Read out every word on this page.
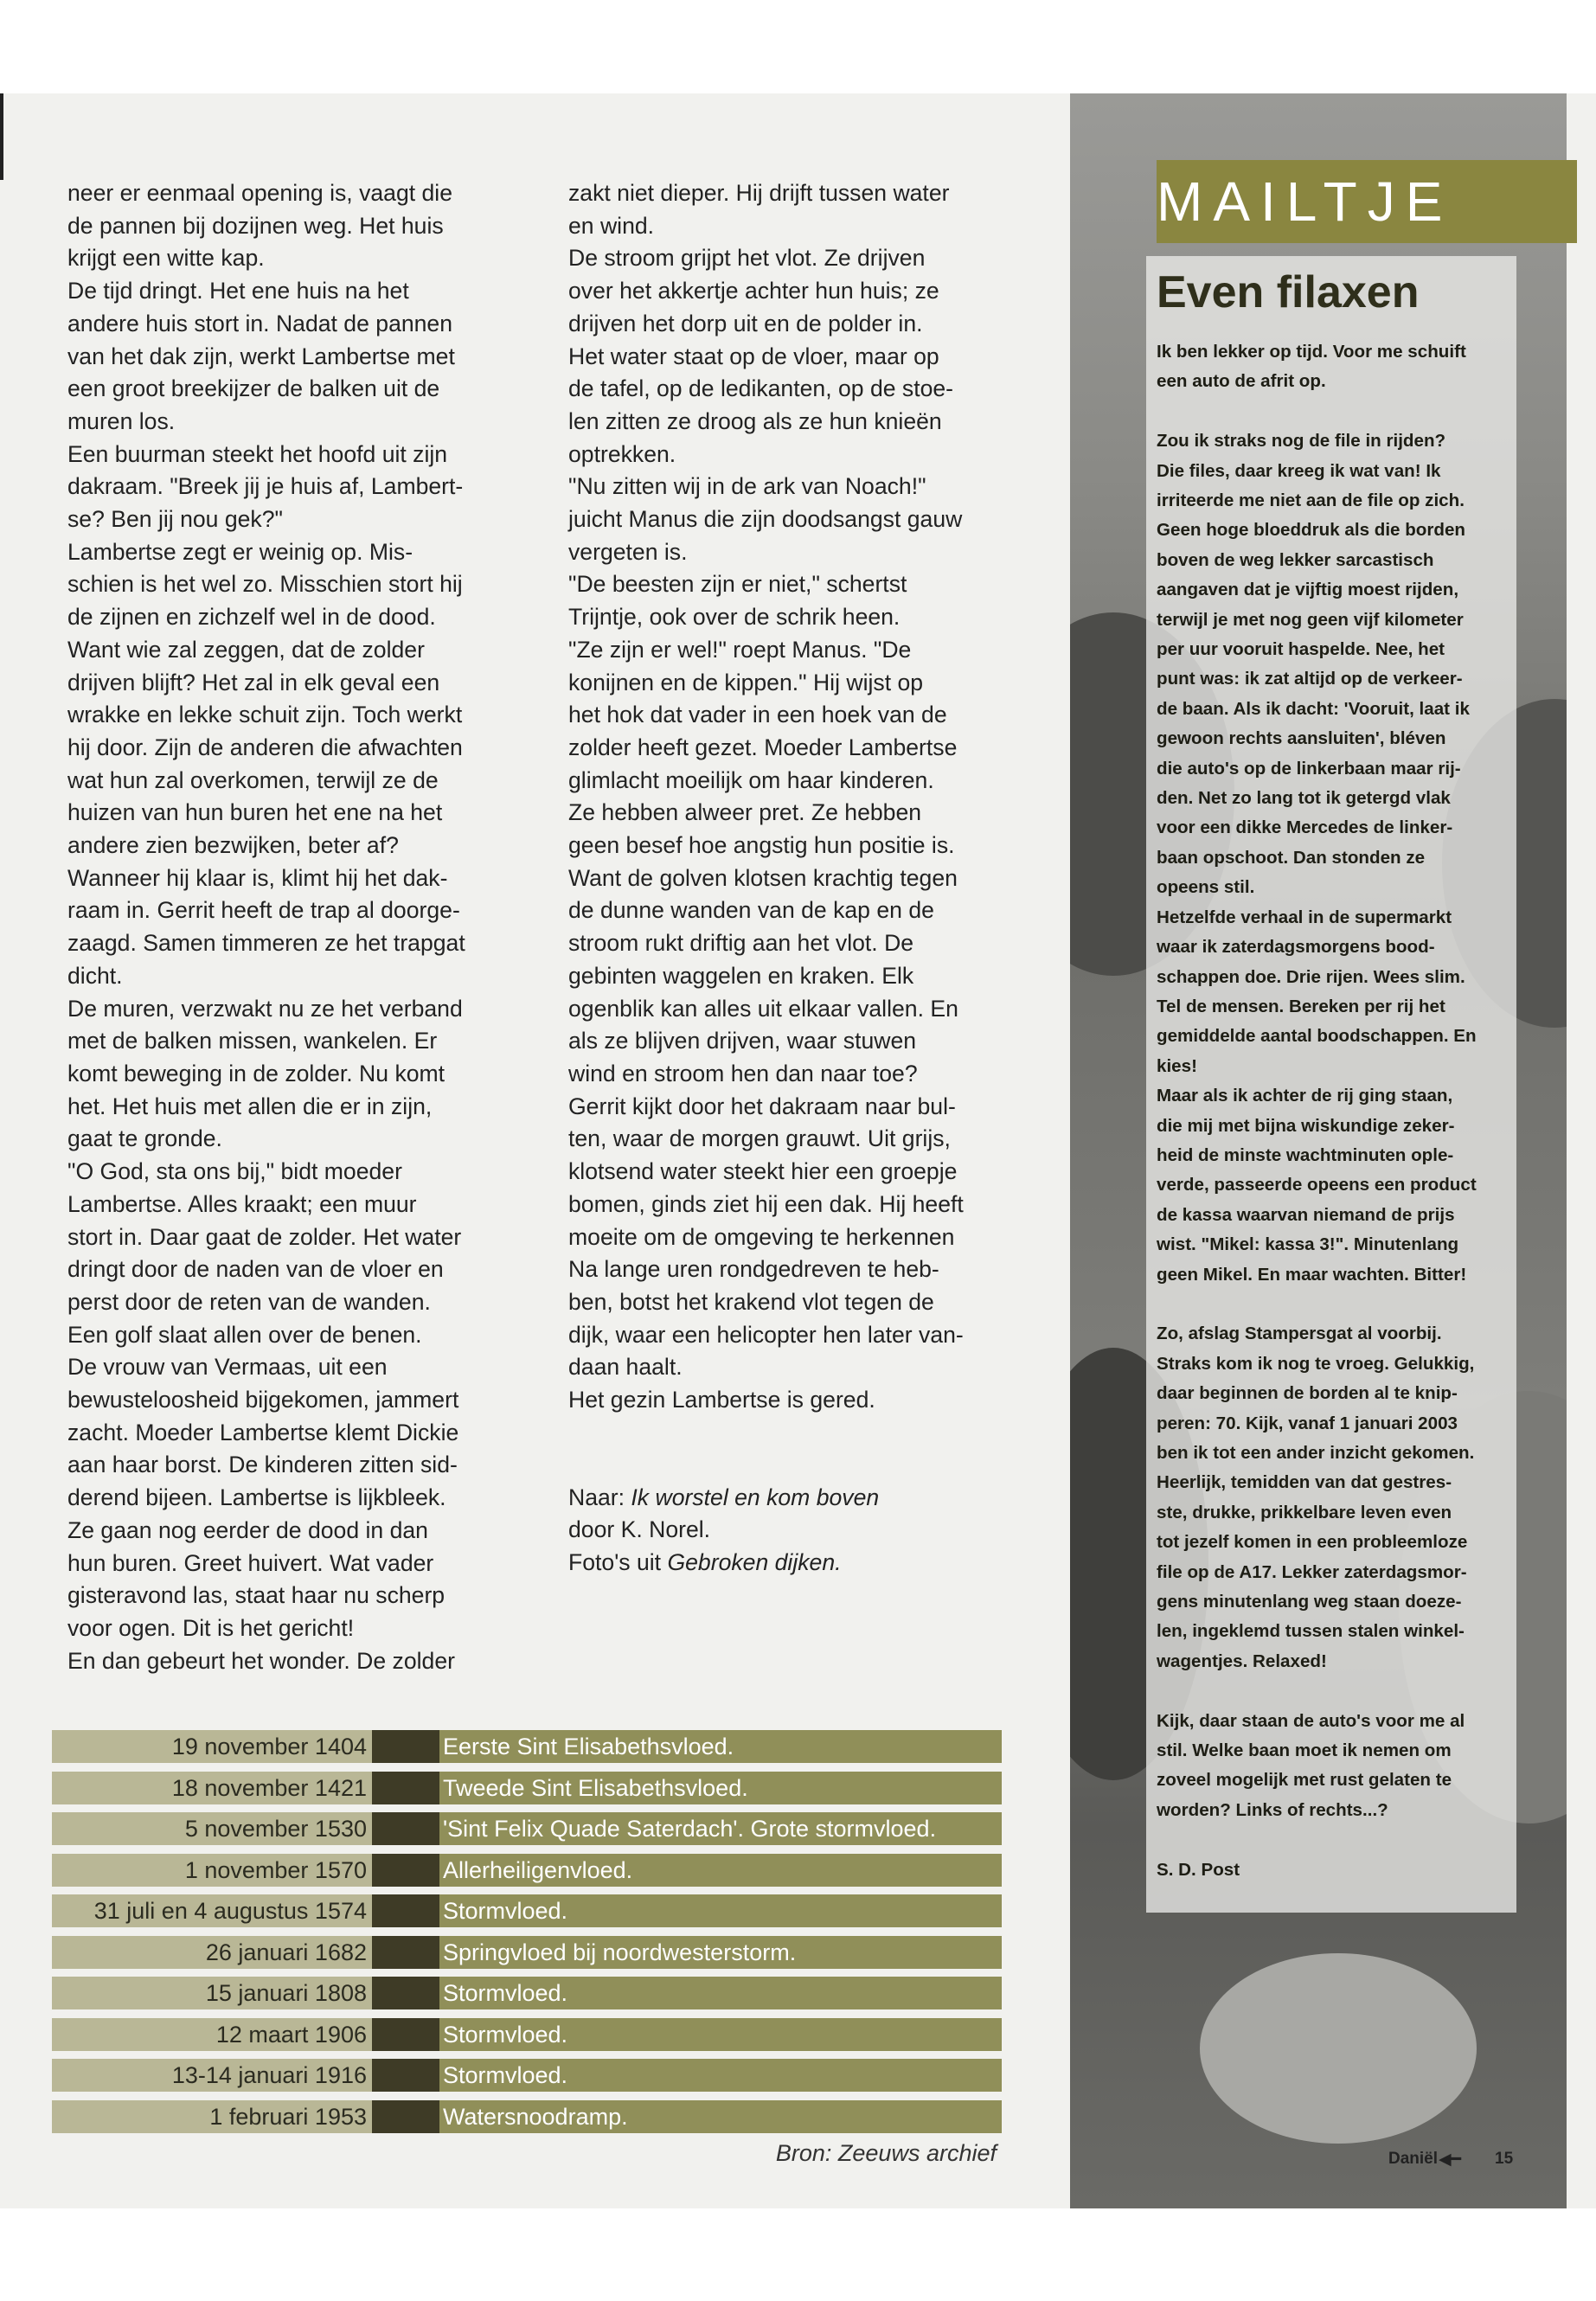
neer er eenmaal opening is, vaagt die

de pannen bij dozijnen weg. Het huis

krijgt een witte kap.

De tijd dringt. Het ene huis na het

andere huis stort in. Nadat de pannen

van het dak zijn, werkt Lambertse met

een groot breekijzer de balken uit de

muren los.

Een buurman steekt het hoofd uit zijn

dakraam. "Breek jij je huis af, Lambert-

se? Ben jij nou gek?"

Lambertse zegt er weinig op. Mis-

schien is het wel zo. Misschien stort hij

de zijnen en zichzelf wel in de dood.

Want wie zal zeggen, dat de zolder

drijven blijft? Het zal in elk geval een

wrakke en lekke schuit zijn. Toch werkt

hij door. Zijn de anderen die afwachten

wat hun zal overkomen, terwijl ze de

huizen van hun buren het ene na het

andere zien bezwijken, beter af?

Wanneer hij klaar is, klimt hij het dak-

raam in. Gerrit heeft de trap al doorge-

zaagd. Samen timmeren ze het trapgat

dicht.

De muren, verzwakt nu ze het verband

met de balken missen, wankelen. Er

komt beweging in de zolder. Nu komt

het. Het huis met allen die er in zijn,

gaat te gronde.

"O God, sta ons bij," bidt moeder

Lambertse. Alles kraakt; een muur

stort in. Daar gaat de zolder. Het water

dringt door de naden van de vloer en

perst door de reten van de wanden.

Een golf slaat allen over de benen.

De vrouw van Vermaas, uit een

bewusteloosheid bijgekomen, jammert

zacht. Moeder Lambertse klemt Dickie

aan haar borst. De kinderen zitten sid-

derend bijeen. Lambertse is lijkbleek.

Ze gaan nog eerder de dood in dan

hun buren. Greet huivert. Wat vader

gisteravond las, staat haar nu scherp

voor ogen. Dit is het gericht!

En dan gebeurt het wonder. De zolder

zakt niet dieper. Hij drijft tussen water

en wind.

De stroom grijpt het vlot. Ze drijven

over het akkertje achter hun huis; ze

drijven het dorp uit en de polder in.

Het water staat op de vloer, maar op

de tafel, op de ledikanten, op de stoe-

len zitten ze droog als ze hun knieën

optrekken.

"Nu zitten wij in de ark van Noach!"

juicht Manus die zijn doodsangst gauw

vergeten is.

"De beesten zijn er niet," schertst

Trijntje, ook over de schrik heen.

"Ze zijn er wel!" roept Manus. "De

konijnen en de kippen." Hij wijst op

het hok dat vader in een hoek van de

zolder heeft gezet. Moeder Lambertse

glimlacht moeilijk om haar kinderen.

Ze hebben alweer pret. Ze hebben

geen besef hoe angstig hun positie is.

Want de golven klotsen krachtig tegen

de dunne wanden van de kap en de

stroom rukt driftig aan het vlot. De

gebinten waggelen en kraken. Elk

ogenblik kan alles uit elkaar vallen. En

als ze blijven drijven, waar stuwen

wind en stroom hen dan naar toe?

Gerrit kijkt door het dakraam naar bul-

ten, waar de morgen grauwt. Uit grijs,

klotsend water steekt hier een groepje

bomen, ginds ziet hij een dak. Hij heeft

moeite om de omgeving te herkennen

Na lange uren rondgedreven te heb-

ben, botst het krakend vlot tegen de

dijk, waar een helicopter hen later van-

daan haalt.

Het gezin Lambertse is gered.

Naar: Ik worstel en kom boven

door K. Norel.

Foto's uit Gebroken dijken.

19 november 1404	Eerste Sint Elisabethsvloed.
18 november 1421	Tweede Sint Elisabethsvloed.
5 november 1530	'Sint Felix Quade Saterdach'. Grote stormvloed.
1 november 1570	Allerheiligenvloed.
31 juli en 4 augustus 1574	Stormvloed.
26 januari 1682	Springvloed bij noordwesterstorm.
15 januari 1808	Stormvloed.
12 maart 1906	Stormvloed.
13-14 januari 1916	Stormvloed.
1 februari 1953	Watersnoodramp.
Bron: Zeeuws archief
MAILTJE
Even filaxen

Ik ben lekker op tijd. Voor me schuift

een auto de afrit op.

Zou ik straks nog de file in rijden?

Die files, daar kreeg ik wat van! Ik

irriteerde me niet aan de file op zich.

Geen hoge bloeddruk als die borden

boven de weg lekker sarcastisch

aangaven dat je vijftig moest rijden,

terwijl je met nog geen vijf kilometer

per uur vooruit haspelde. Nee, het

punt was: ik zat altijd op de verkeer-

de baan. Als ik dacht: 'Vooruit, laat ik

gewoon rechts aansluiten', bléven

die auto's op de linkerbaan maar rij-

den. Net zo lang tot ik getergd vlak

voor een dikke Mercedes de linker-

baan opschoot. Dan stonden ze

opeens stil.

Hetzelfde verhaal in de supermarkt

waar ik zaterdagsmorgens bood-

schappen doe. Drie rijen. Wees slim.

Tel de mensen. Bereken per rij het

gemiddelde aantal boodschappen. En

kies!

Maar als ik achter de rij ging staan,

die mij met bijna wiskundige zeker-

heid de minste wachtminuten ople-

verde, passeerde opeens een product

de kassa waarvan niemand de prijs

wist. "Mikel: kassa 3!". Minutenlang

geen Mikel. En maar wachten. Bitter!

Zo, afslag Stampersgat al voorbij.

Straks kom ik nog te vroeg. Gelukkig,

daar beginnen de borden al te knip-

peren: 70. Kijk, vanaf 1 januari 2003

ben ik tot een ander inzicht gekomen.

Heerlijk, temidden van dat gestres-

ste, drukke, prikkelbare leven even

tot jezelf komen in een probleemloze

file op de A17. Lekker zaterdagsmor-

gens minutenlang weg staan doeze-

len, ingeklemd tussen stalen winkel-

wagentjes. Relaxed!

Kijk, daar staan de auto's voor me al

stil. Welke baan moet ik nemen om

zoveel mogelijk met rust gelaten te

worden? Links of rechts...?

S. D. Post

Daniël ◀━ 15
